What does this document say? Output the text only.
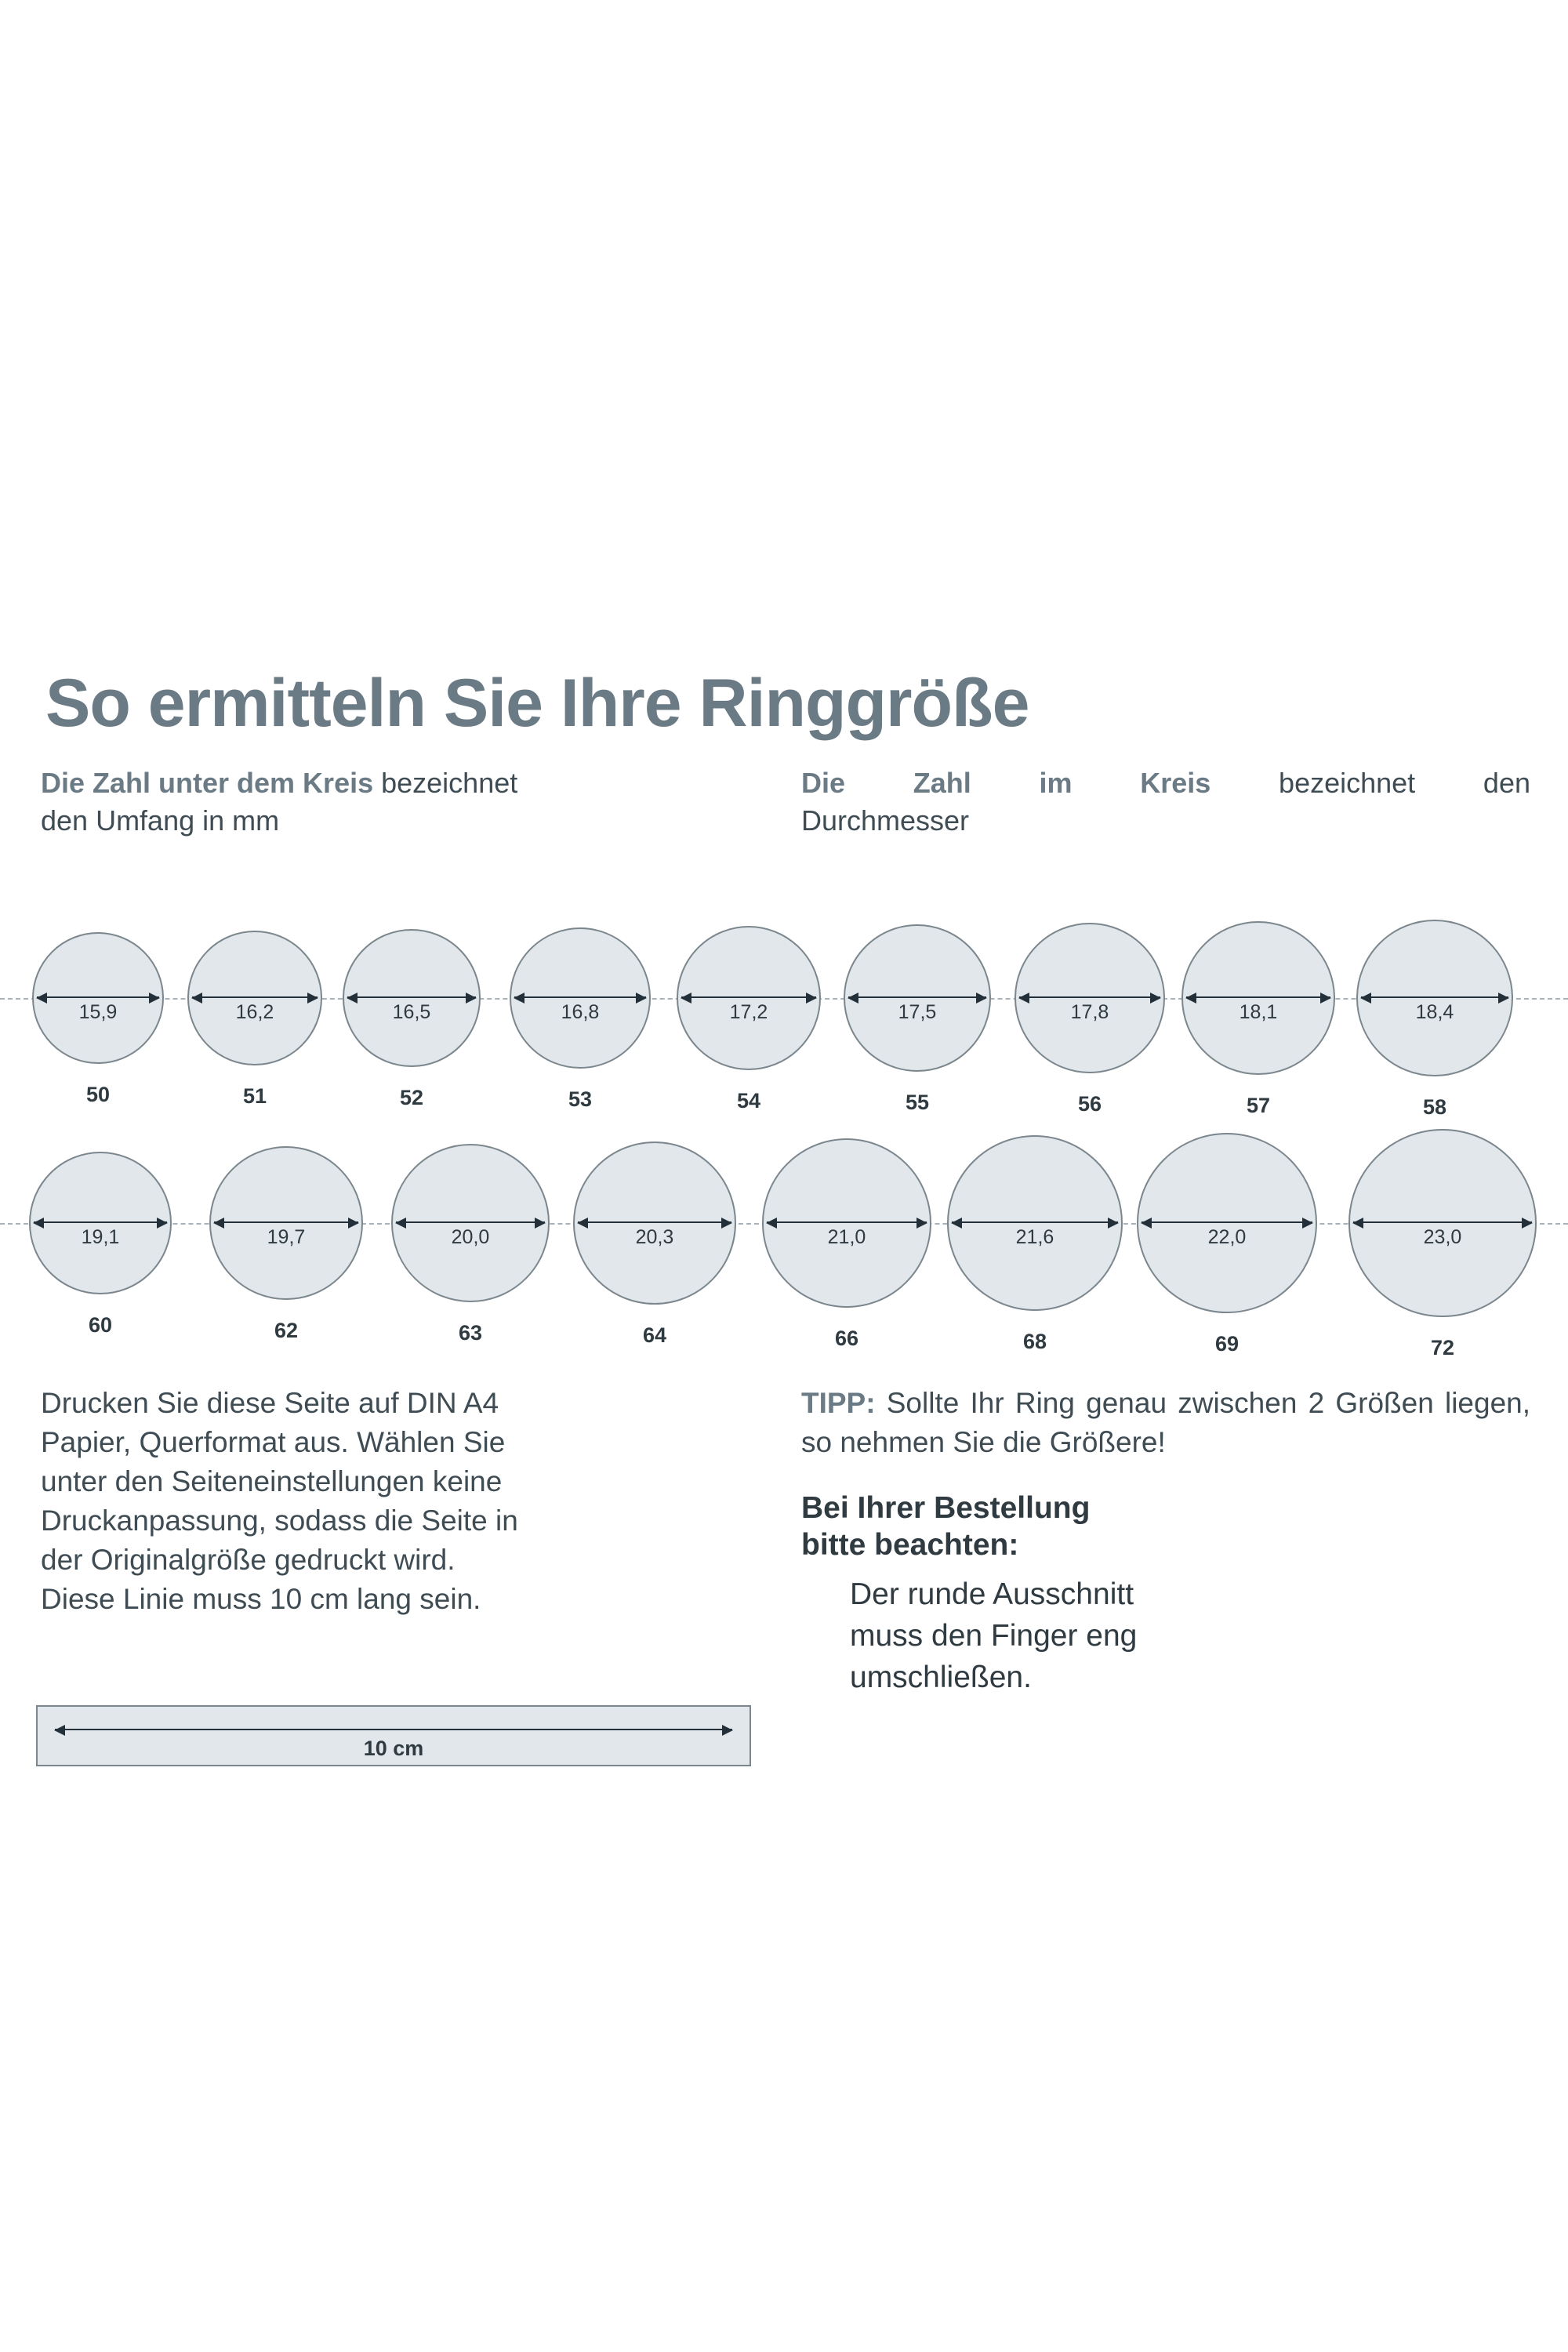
So ermitteln Sie Ihre Ringgröße
Die Zahl unter dem Kreis bezeichnet
den Umfang in mm
Die Zahl im Kreis bezeichnet den
Durchmesser
15,9
50
16,2
51
16,5
52
16,8
53
17,2
54
17,5
55
17,8
56
18,1
57
18,4
58
19,1
60
19,7
62
20,0
63
20,3
64
21,0
66
21,6
68
22,0
69
23,0
72
Drucken Sie diese Seite auf DIN A4
Papier, Querformat aus. Wählen Sie
unter den Seiteneinstellungen keine
Druckanpassung, sodass die Seite in
der Originalgröße gedruckt wird.
Diese Linie muss 10 cm lang sein.
10 cm
TIPP: Sollte Ihr Ring genau zwischen 2 Größen liegen, so nehmen Sie die Größere!
Bei Ihrer Bestellung
bitte beachten:
Der runde Ausschnitt
muss den Finger eng
umschließen.
